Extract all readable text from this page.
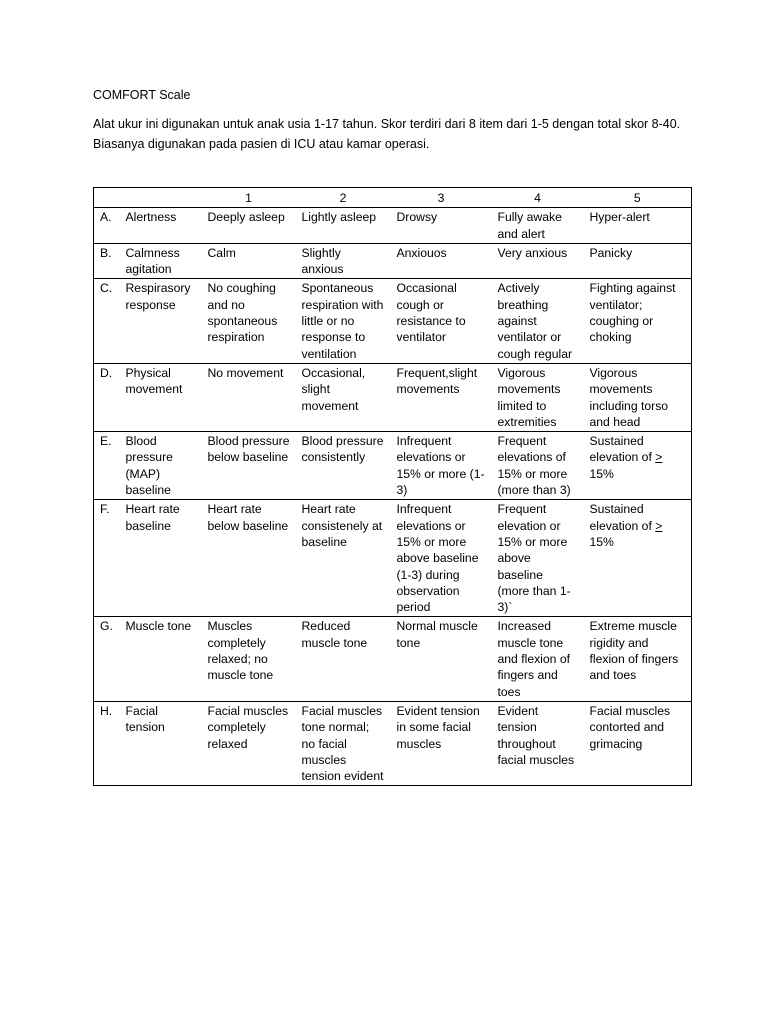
COMFORT Scale
Alat ukur ini digunakan untuk anak usia 1-17 tahun. Skor terdiri dari 8 item dari 1-5 dengan total skor 8-40. Biasanya digunakan pada pasien di ICU atau kamar operasi.
		1	2	3	4	5
A.	Alertness	Deeply asleep	Lightly asleep	Drowsy	Fully awake and alert	Hyper-alert
B.	Calmness agitation	Calm	Slightly anxious	Anxiouos	Very anxious	Panicky
C.	Respirasory response	No coughing and no spontaneous respiration	Spontaneous respiration with little or no response to ventilation	Occasional cough or resistance to ventilator	Actively breathing against ventilator or cough regular	Fighting against ventilator; coughing or choking
D.	Physical movement	No movement	Occasional, slight movement	Frequent,slight movements	Vigorous movements limited to extremities	Vigorous movements including torso and head
E.	Blood pressure (MAP) baseline	Blood pressure below baseline	Blood pressure consistently	Infrequent elevations or 15% or more (1-3)	Frequent elevations of 15% or more (more than 3)	Sustained elevation of > 15%
F.	Heart rate baseline	Heart rate below baseline	Heart rate consistenely at baseline	Infrequent elevations or 15% or more above baseline (1-3) during observation period	Frequent elevation or 15% or more above baseline (more than 1-3)`	Sustained elevation of > 15%
G.	Muscle tone	Muscles completely relaxed; no muscle tone	Reduced muscle tone	Normal muscle tone	Increased muscle tone and flexion of fingers and toes	Extreme muscle rigidity and flexion of fingers and toes
H.	Facial tension	Facial muscles completely relaxed	Facial muscles tone normal; no facial muscles tension evident	Evident tension in some facial muscles	Evident tension throughout facial muscles	Facial muscles contorted and grimacing
